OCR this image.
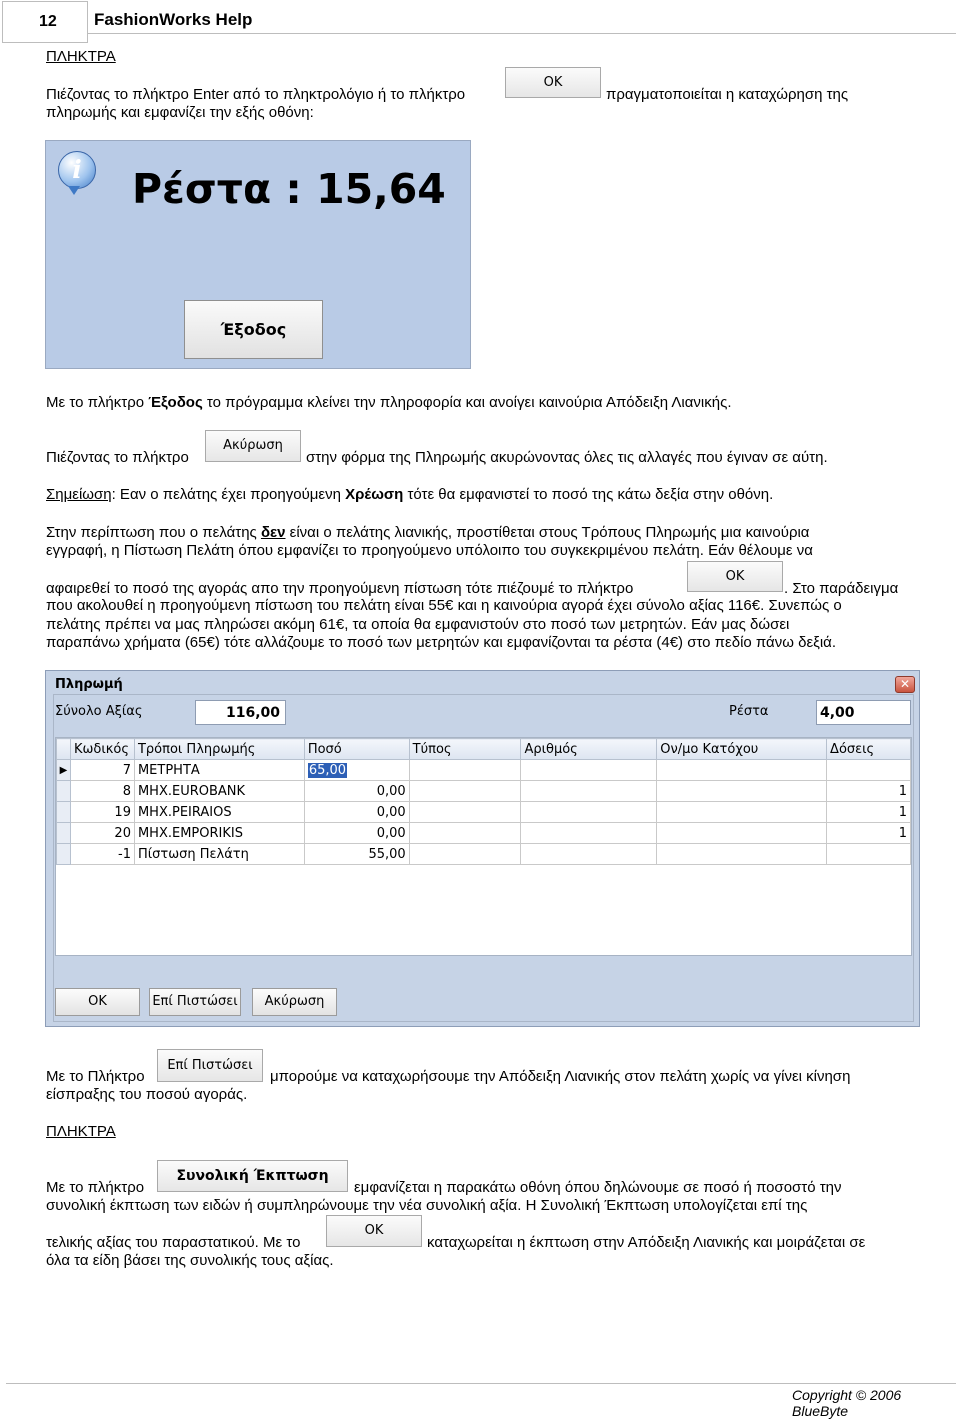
12	FashionWorks Help
ΠΛΗΚΤΡΑ
Πιέζοντας το πλήκτρο Enter από το πληκτρολόγιο ή το πλήκτρο
OK
πραγματοποιείται η καταχώρηση της
πληρωμής και εμφανίζει την εξής οθόνη:
i	Ρέστα : 15,64
Έξοδος
Με το πλήκτρο Έξοδος το πρόγραμμα κλείνει την πληροφορία και ανοίγει καινούρια Απόδειξη Λιανικής.
Πιέζοντας το πλήκτρο
Ακύρωση
στην φόρμα της Πληρωμής ακυρώνοντας όλες τις αλλαγές που έγιναν σε αύτη.
Σημείωση: Εαν ο πελάτης έχει προηγούμενη Χρέωση τότε θα εμφανιστεί το ποσό της κάτω δεξία στην οθόνη.
Στην περίπτωση που ο πελάτης δεν είναι ο πελάτης λιανικής, προστίθεται στους Τρόπους Πληρωμής μια καινούρια
εγγραφή, η Πίστωση Πελάτη όπου εμφανίζει το προηγούμενο υπόλοιπο του συγκεκριμένου πελάτη. Εάν θέλουμε να
αφαιρεθεί το ποσό της αγοράς απο την προηγούμενη πίστωση τότε πιέζουμέ το πλήκτρο
OK
. Στο παράδειγμα
που ακολουθεί η προηγούμενη πίστωση του πελάτη είναι 55€ και η καινούρια αγορά έχει σύνολο αξίας 116€. Συνεπώς ο
πελάτης πρέπει να μας πληρώσει ακόμη 61€, τα οποία θα εμφανιστούν στο ποσό των μετρητών. Εάν μας δώσει
παραπάνω χρήματα (65€) τότε αλλάζουμε το ποσό των μετρητών και εμφανίζονται τα ρέστα (4€) στο πεδίο πάνω δεξιά.
Πληρωμή	✕
Σύνολο Αξίας	116,00	Ρέστα	4,00
	Κωδικός	Τρόποι Πληρωμής	Ποσό	Τύπος	Αριθμός	Ον/μο Κατόχου	Δόσεις
▶	7	ΜΕΤΡΗΤΑ	65,00				
	8	MHX.EUROBANK	0,00				1
	19	MHX.PEIRAIOS	0,00				1
	20	MHX.EMPORIKIS	0,00				1
	-1	Πίστωση Πελάτη	55,00				
OK	Επί Πιστώσει	Ακύρωση
Με το Πλήκτρο
Επί Πιστώσει
μπορούμε να καταχωρήσουμε την Απόδειξη Λιανικής στον πελάτη χωρίς να γίνει κίνηση
είσπραξης του ποσού αγοράς.
ΠΛΗΚΤΡΑ
Με το πλήκτρο
Συνολική Έκπτωση
εμφανίζεται η παρακάτω οθόνη όπου δηλώνουμε σε ποσό ή ποσοστό την
συνολική έκπτωση των ειδών ή συμπληρώνουμε την νέα συνολική αξία. Η Συνολική Έκπτωση υπολογίζεται επί της
τελικής αξίας του παραστατικού. Με το
OK
καταχωρείται η έκπτωση στην Απόδειξη Λιανικής και μοιράζεται σε
όλα τα είδη βάσει της συνολικής τους αξίας.
Copyright © 2006 BlueByte
